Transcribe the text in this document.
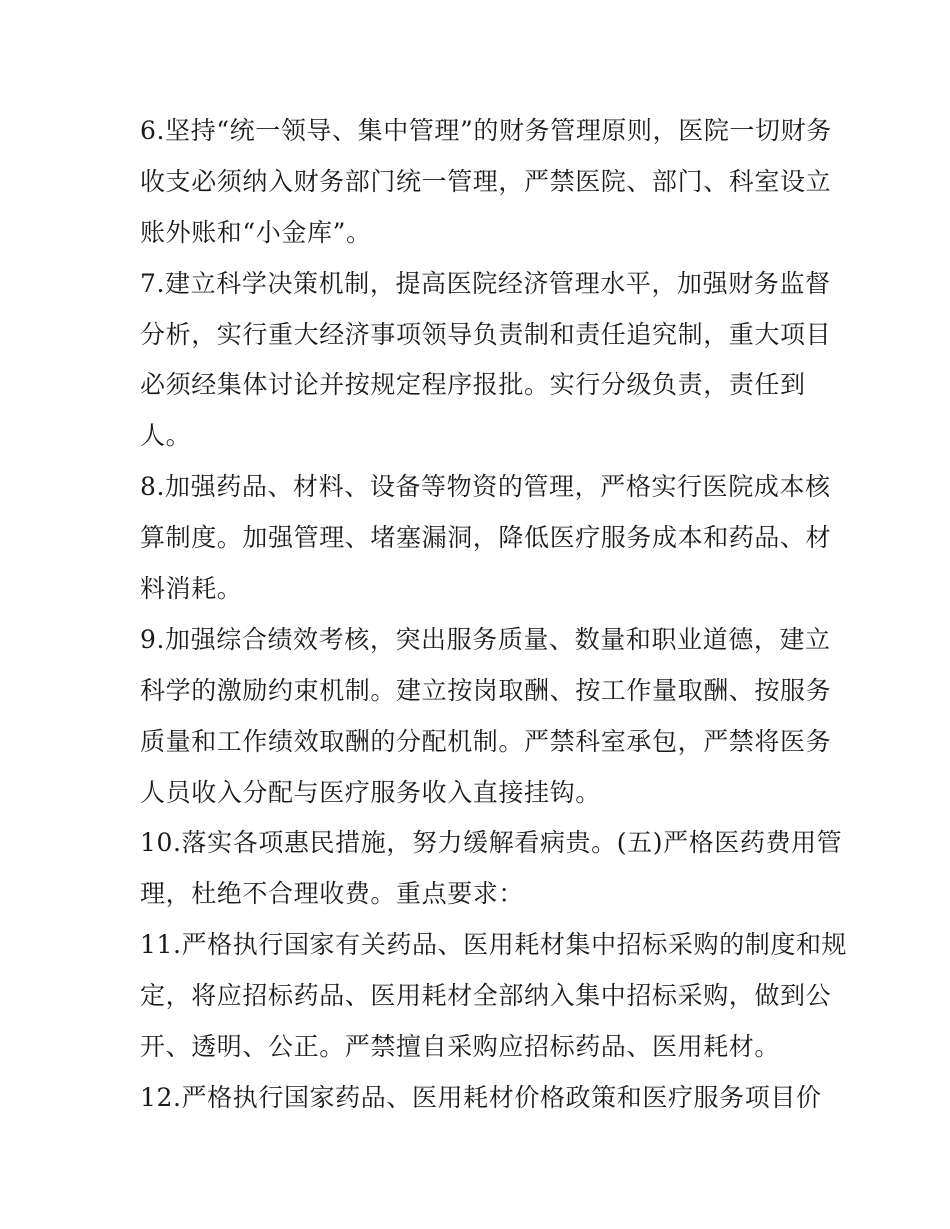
6.坚持“统一领导、集中管理”的财务管理原则，医院一切财务
收支必须纳入财务部门统一管理，严禁医院、部门、科室设立
账外账和“小金库”。

7.建立科学决策机制，提高医院经济管理水平，加强财务监督
分析，实行重大经济事项领导负责制和责任追究制，重大项目
必须经集体讨论并按规定程序报批。实行分级负责，责任到
人。

8.加强药品、材料、设备等物资的管理，严格实行医院成本核
算制度。加强管理、堵塞漏洞，降低医疗服务成本和药品、材
料消耗。

9.加强综合绩效考核，突出服务质量、数量和职业道德，建立
科学的激励约束机制。建立按岗取酬、按工作量取酬、按服务
质量和工作绩效取酬的分配机制。严禁科室承包，严禁将医务
人员收入分配与医疗服务收入直接挂钩。

10.落实各项惠民措施，努力缓解看病贵。(五)严格医药费用管
理，杜绝不合理收费。重点要求：

11.严格执行国家有关药品、医用耗材集中招标采购的制度和规
定，将应招标药品、医用耗材全部纳入集中招标采购，做到公
开、透明、公正。严禁擅自采购应招标药品、医用耗材。

12.严格执行国家药品、医用耗材价格政策和医疗服务项目价
